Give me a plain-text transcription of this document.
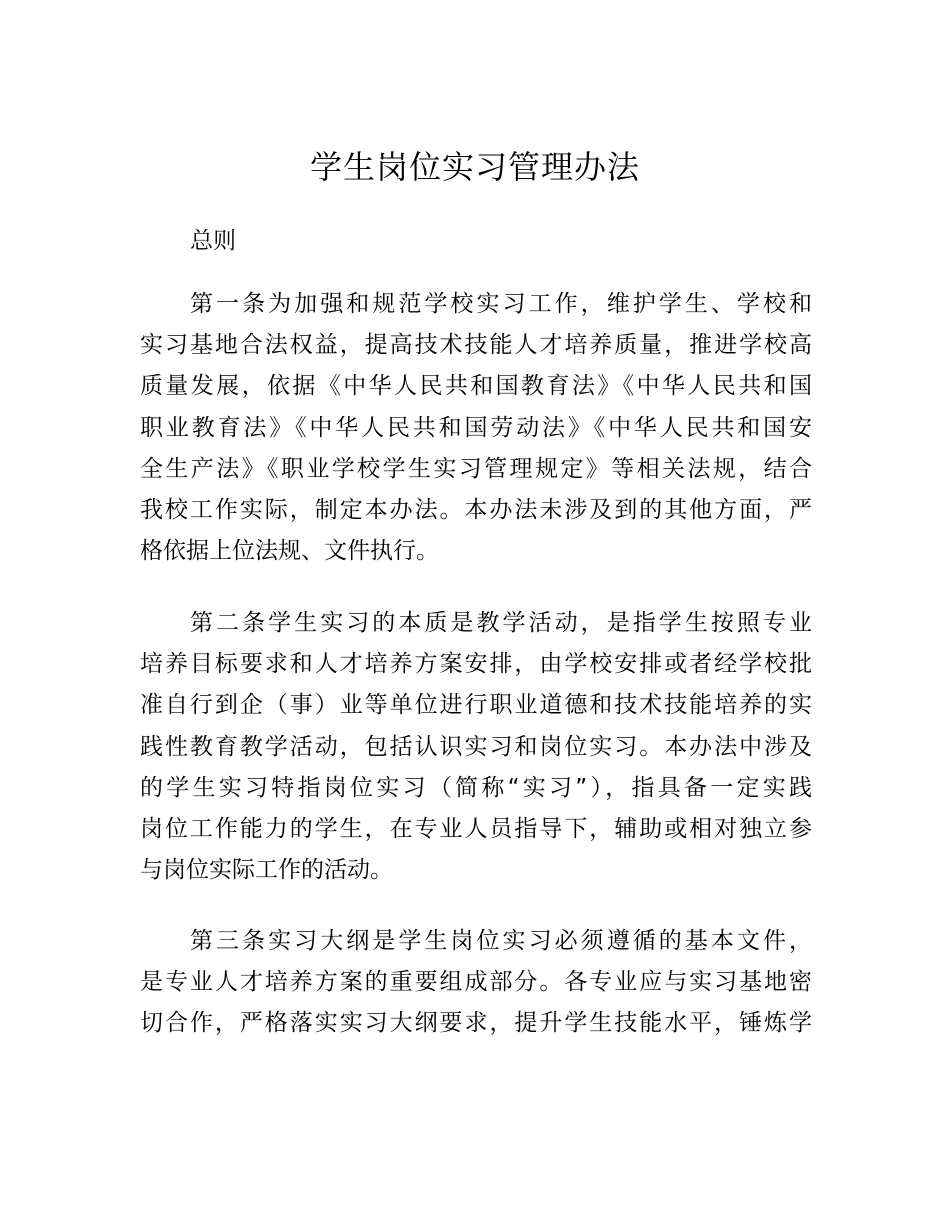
学生岗位实习管理办法

总则

第一条为加强和规范学校实习工作，维护学生、学校和
实习基地合法权益，提高技术技能人才培养质量，推进学校高
质量发展，依据《中华人民共和国教育法》《中华人民共和国
职业教育法》《中华人民共和国劳动法》《中华人民共和国安
全生产法》《职业学校学生实习管理规定》等相关法规，结合
我校工作实际，制定本办法。本办法未涉及到的其他方面，严
格依据上位法规、文件执行。
第二条学生实习的本质是教学活动，是指学生按照专业
培养目标要求和人才培养方案安排，由学校安排或者经学校批
准自行到企（事）业等单位进行职业道德和技术技能培养的实
践性教育教学活动，包括认识实习和岗位实习。本办法中涉及
的学生实习特指岗位实习（简称“实习”），指具备一定实践
岗位工作能力的学生，在专业人员指导下，辅助或相对独立参
与岗位实际工作的活动。
第三条实习大纲是学生岗位实习必须遵循的基本文件，
是专业人才培养方案的重要组成部分。各专业应与实习基地密
切合作，严格落实实习大纲要求，提升学生技能水平，锤炼学
